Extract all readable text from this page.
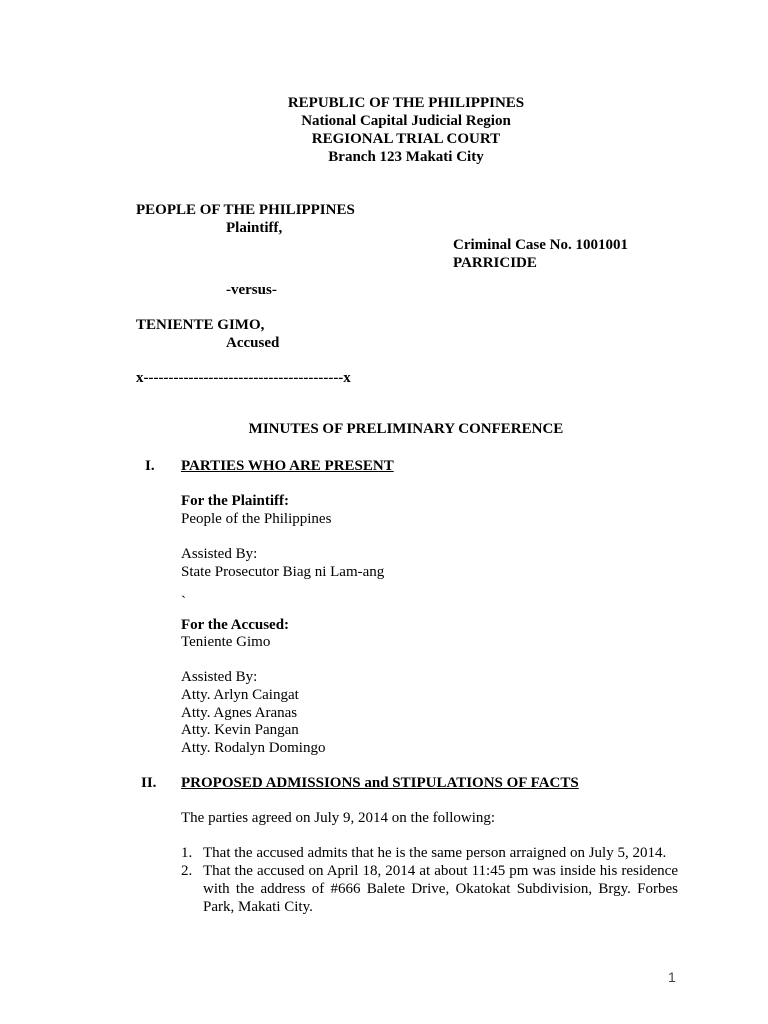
REPUBLIC OF THE PHILIPPINES
National Capital Judicial Region
REGIONAL TRIAL COURT
Branch 123 Makati City
PEOPLE OF THE PHILIPPINES
Plaintiff,
Criminal Case No. 1001001
PARRICIDE
-versus-
TENIENTE GIMO,
Accused
x----------------------------------------x
MINUTES OF PRELIMINARY CONFERENCE
I. PARTIES WHO ARE PRESENT
For the Plaintiff:
People of the Philippines
Assisted By:
State Prosecutor Biag ni Lam-ang
`
For the Accused:
Teniente Gimo
Assisted By:
Atty. Arlyn Caingat
Atty. Agnes Aranas
Atty. Kevin Pangan
Atty. Rodalyn Domingo
II. PROPOSED ADMISSIONS and STIPULATIONS OF FACTS
The parties agreed on July 9, 2014 on the following:
1. That the accused admits that he is the same person arraigned on July 5, 2014.
2. That the accused on April 18, 2014 at about 11:45 pm was inside his residence with the address of #666 Balete Drive, Okatokat Subdivision, Brgy. Forbes Park, Makati City.
1
